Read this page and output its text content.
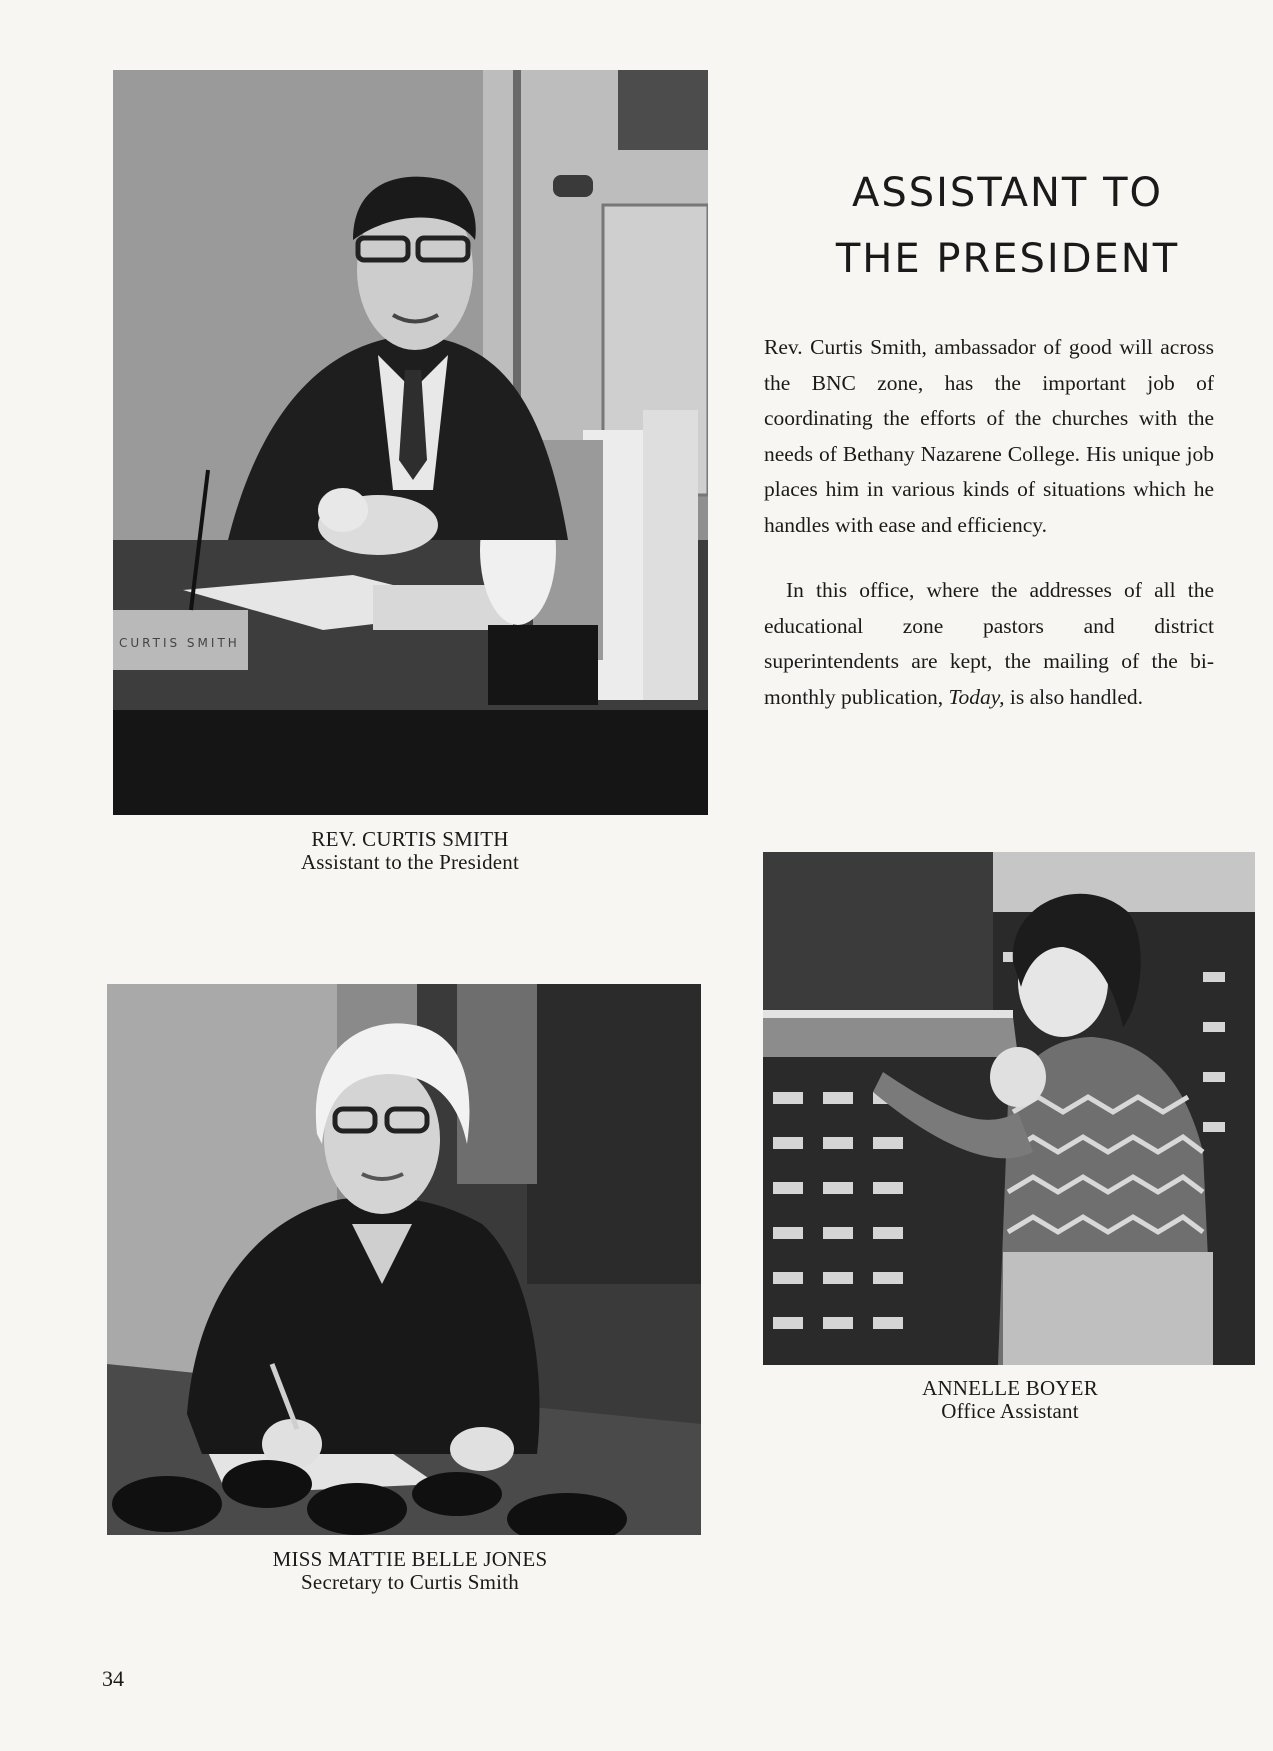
CURTIS SMITH
REV. CURTIS SMITH
Assistant to the President
ASSISTANT TO
THE PRESIDENT

Rev. Curtis Smith, ambassador of good will across the BNC zone, has the important job of coordinating the efforts of the churches with the needs of Bethany Nazarene College. His unique job places him in various kinds of situations which he handles with ease and efficiency.

In this office, where the addresses of all the educational zone pastors and district superintendents are kept, the mailing of the bi-monthly publication, Today, is also handled.

ANNELLE BOYER
Office Assistant
MISS MATTIE BELLE JONES
Secretary to Curtis Smith
34
